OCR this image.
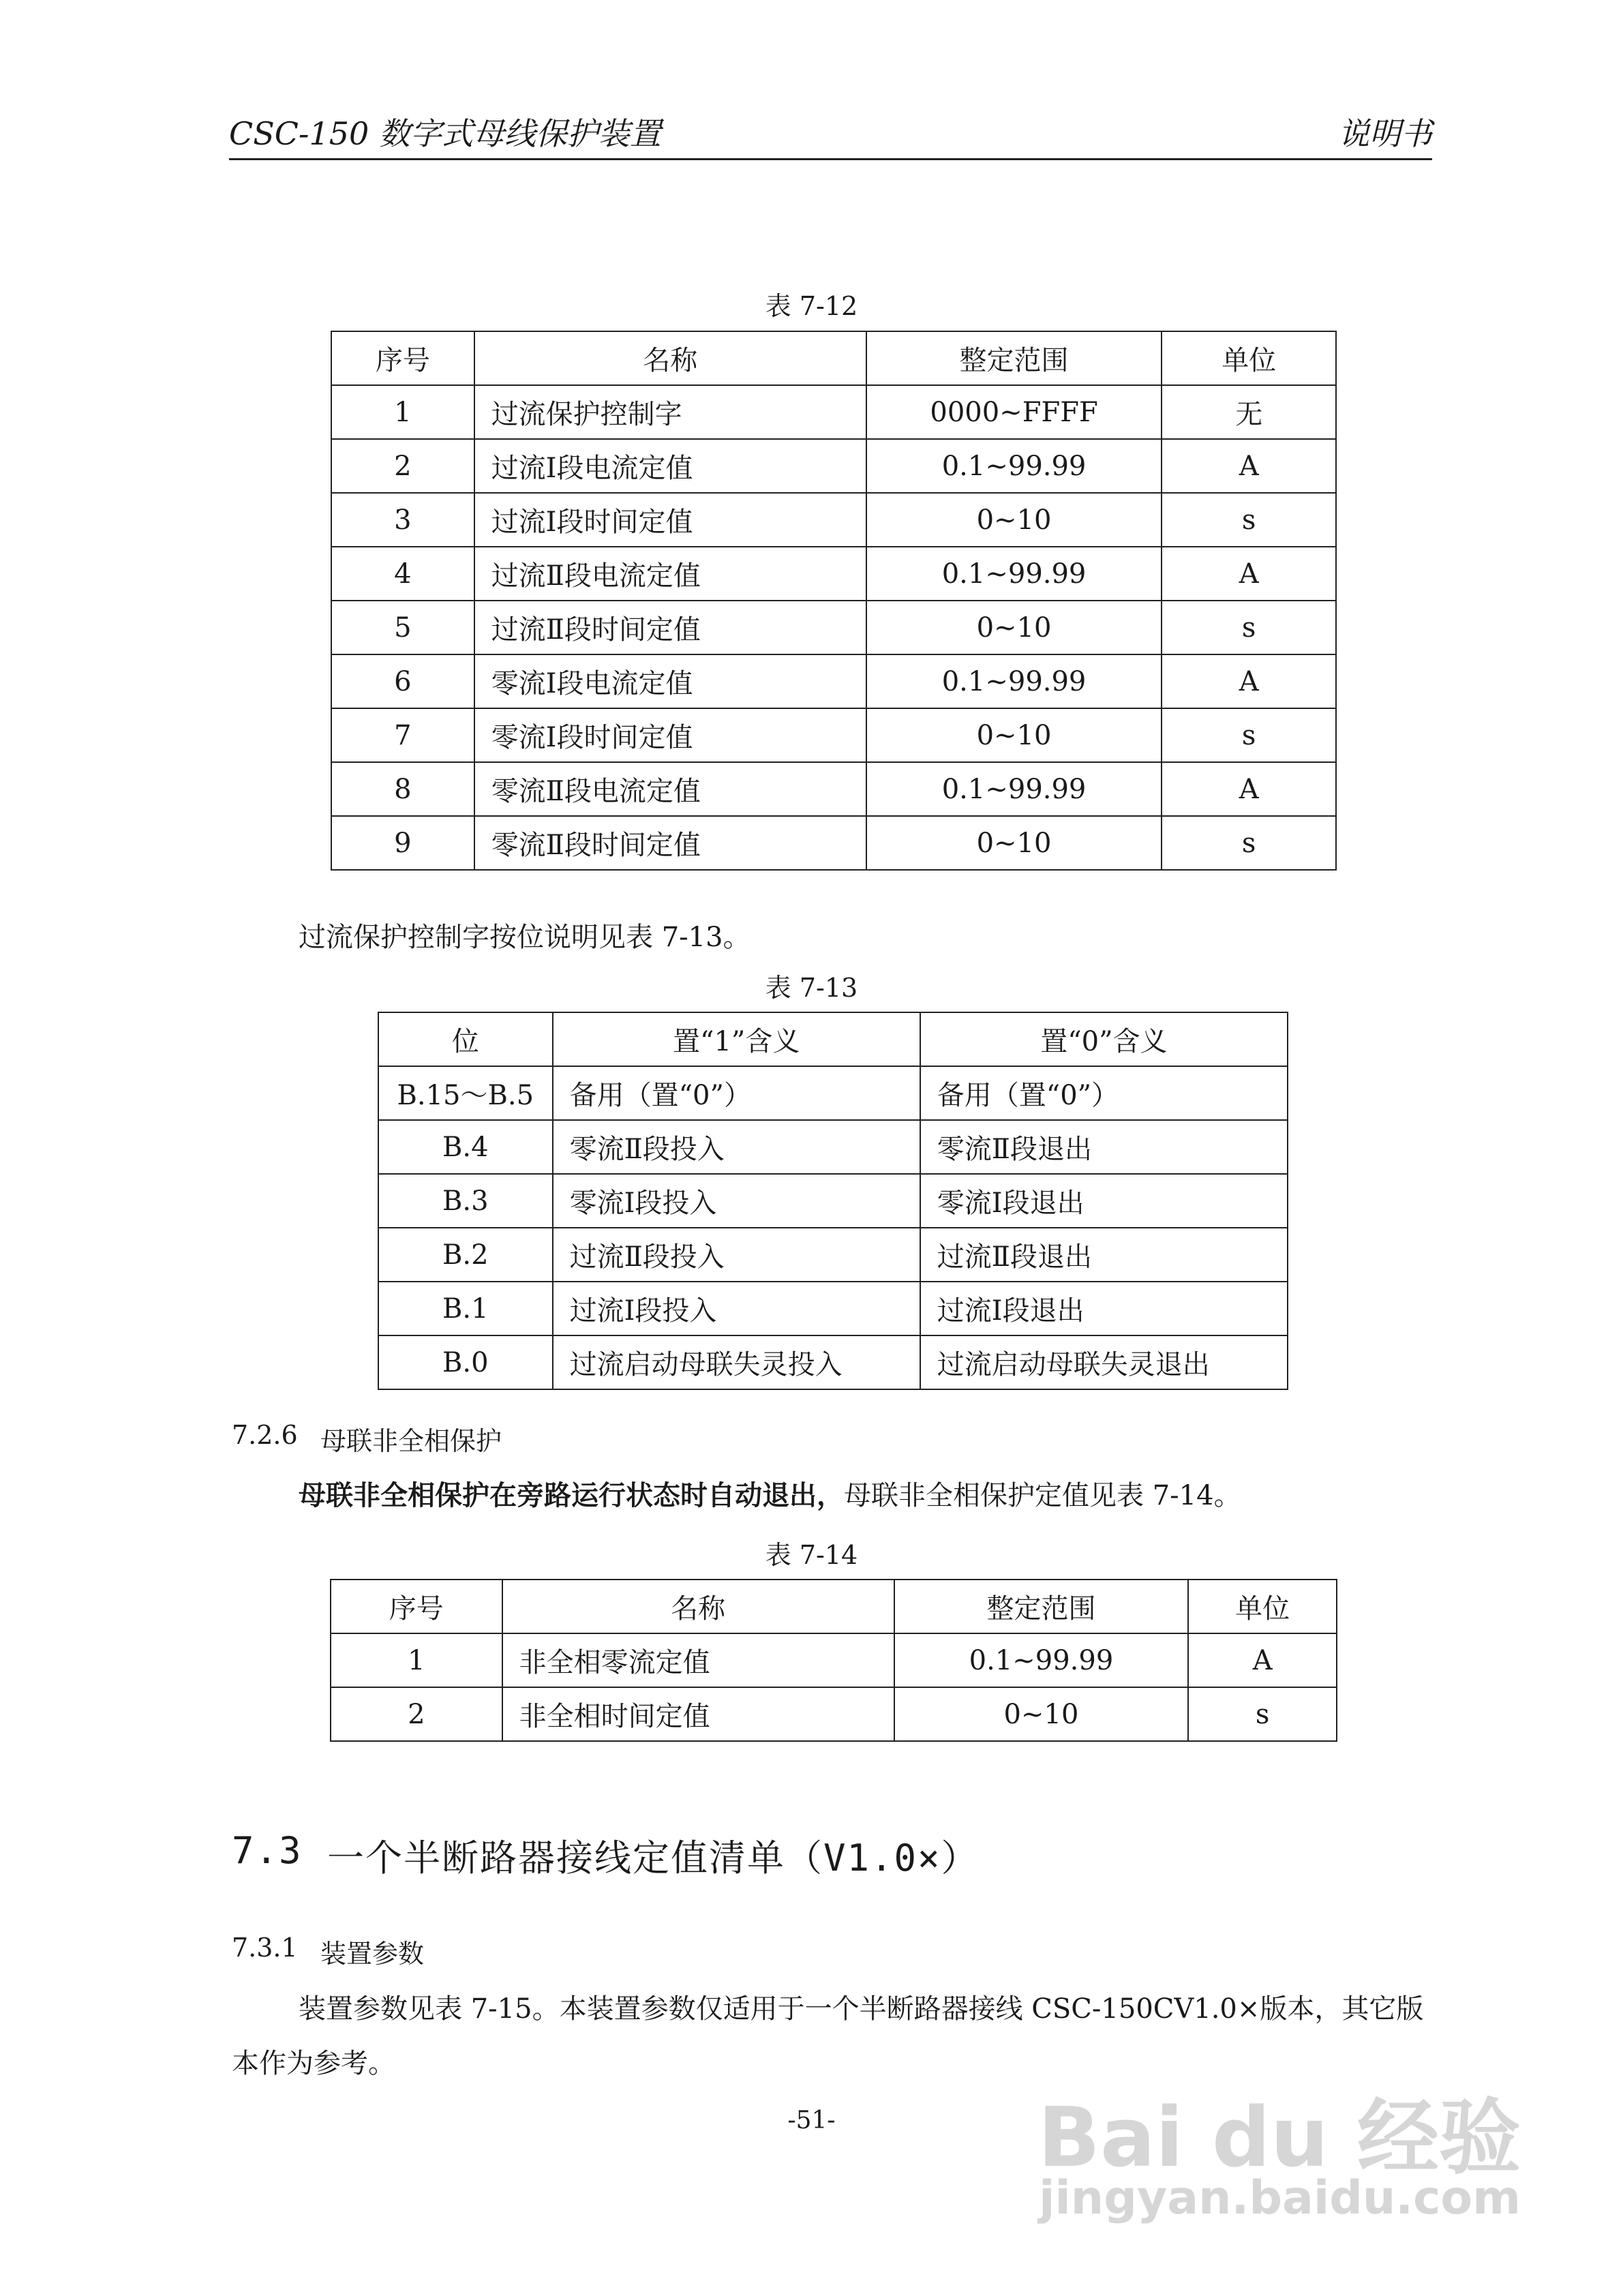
CSC-150 数字式母线保护装置	说明书
表 7-12
序号	名称	整定范围	单位
1	过流保护控制字	0000~FFFF	无
2	过流Ⅰ段电流定值	0.1~99.99	A
3	过流Ⅰ段时间定值	0~10	s
4	过流Ⅱ段电流定值	0.1~99.99	A
5	过流Ⅱ段时间定值	0~10	s
6	零流Ⅰ段电流定值	0.1~99.99	A
7	零流Ⅰ段时间定值	0~10	s
8	零流Ⅱ段电流定值	0.1~99.99	A
9	零流Ⅱ段时间定值	0~10	s
过流保护控制字按位说明见表 7-13。
表 7-13
位	置“1”含义	置“0”含义
B.15～B.5	备用（置“0”）	备用（置“0”）
B.4	零流Ⅱ段投入	零流Ⅱ段退出
B.3	零流Ⅰ段投入	零流Ⅰ段退出
B.2	过流Ⅱ段投入	过流Ⅱ段退出
B.1	过流Ⅰ段投入	过流Ⅰ段退出
B.0	过流启动母联失灵投入	过流启动母联失灵退出
7.2.6 母联非全相保护
母联非全相保护在旁路运行状态时自动退出，母联非全相保护定值见表 7-14。
表 7-14
序号	名称	整定范围	单位
1	非全相零流定值	0.1~99.99	A
2	非全相时间定值	0~10	s
7.3 一个半断路器接线定值清单（V1.0×）
7.3.1 装置参数
装置参数见表 7-15。本装置参数仅适用于一个半断路器接线 CSC-150CV1.0×版本，其它版
本作为参考。
-51-	Bai du 经验
jingyan.baidu.com
